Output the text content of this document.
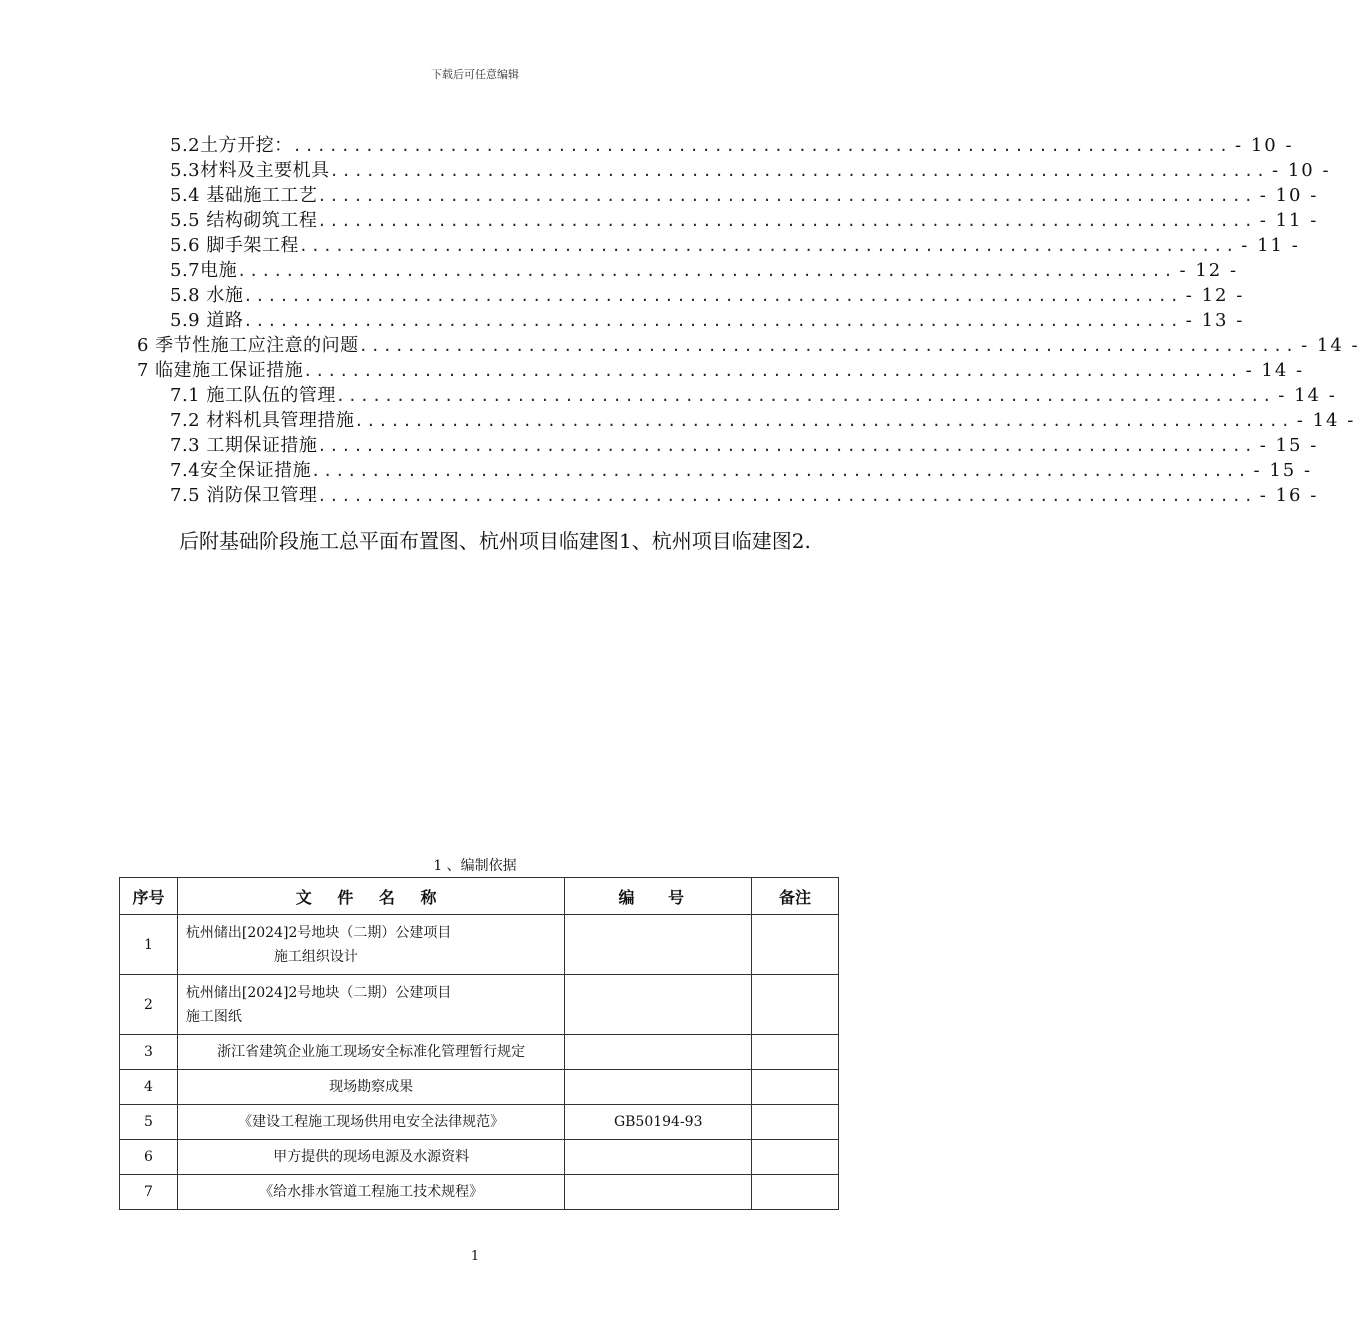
下载后可任意编辑
5.2土方开挖： .............................................................................. - 10 -
5.3材料及主要机具 .............................................................................. - 10 -
5.4 基础施工工艺 .............................................................................. - 10 -
5.5 结构砌筑工程 .............................................................................. - 11 -
5.6 脚手架工程 .............................................................................. - 11 -
5.7电施 .............................................................................. - 12 -
5.8 水施 .............................................................................. - 12 -
5.9 道路 .............................................................................. - 13 -
6 季节性施工应注意的问题 .............................................................................. - 14 -
7 临建施工保证措施 .............................................................................. - 14 -
7.1 施工队伍的管理 .............................................................................. - 14 -
7.2 材料机具管理措施 .............................................................................. - 14 -
7.3 工期保证措施 .............................................................................. - 15 -
7.4安全保证措施 .............................................................................. - 15 -
7.5 消防保卫管理 .............................................................................. - 16 -
后附基础阶段施工总平面布置图、杭州项目临建图1、杭州项目临建图2.
1 、编制依据
序号	文 件 名 称	编 号	备注
1	杭州储出[2024]2号地块（二期）公建项目
施工组织设计		

2	杭州储出[2024]2号地块（二期）公建项目
施工图纸		

3	浙江省建筑企业施工现场安全标准化管理暂行规定		
4	现场勘察成果		
5	《建设工程施工现场供用电安全法律规范》	GB50194-93	
6	甲方提供的现场电源及水源资料		
7	《给水排水管道工程施工技术规程》		
1
